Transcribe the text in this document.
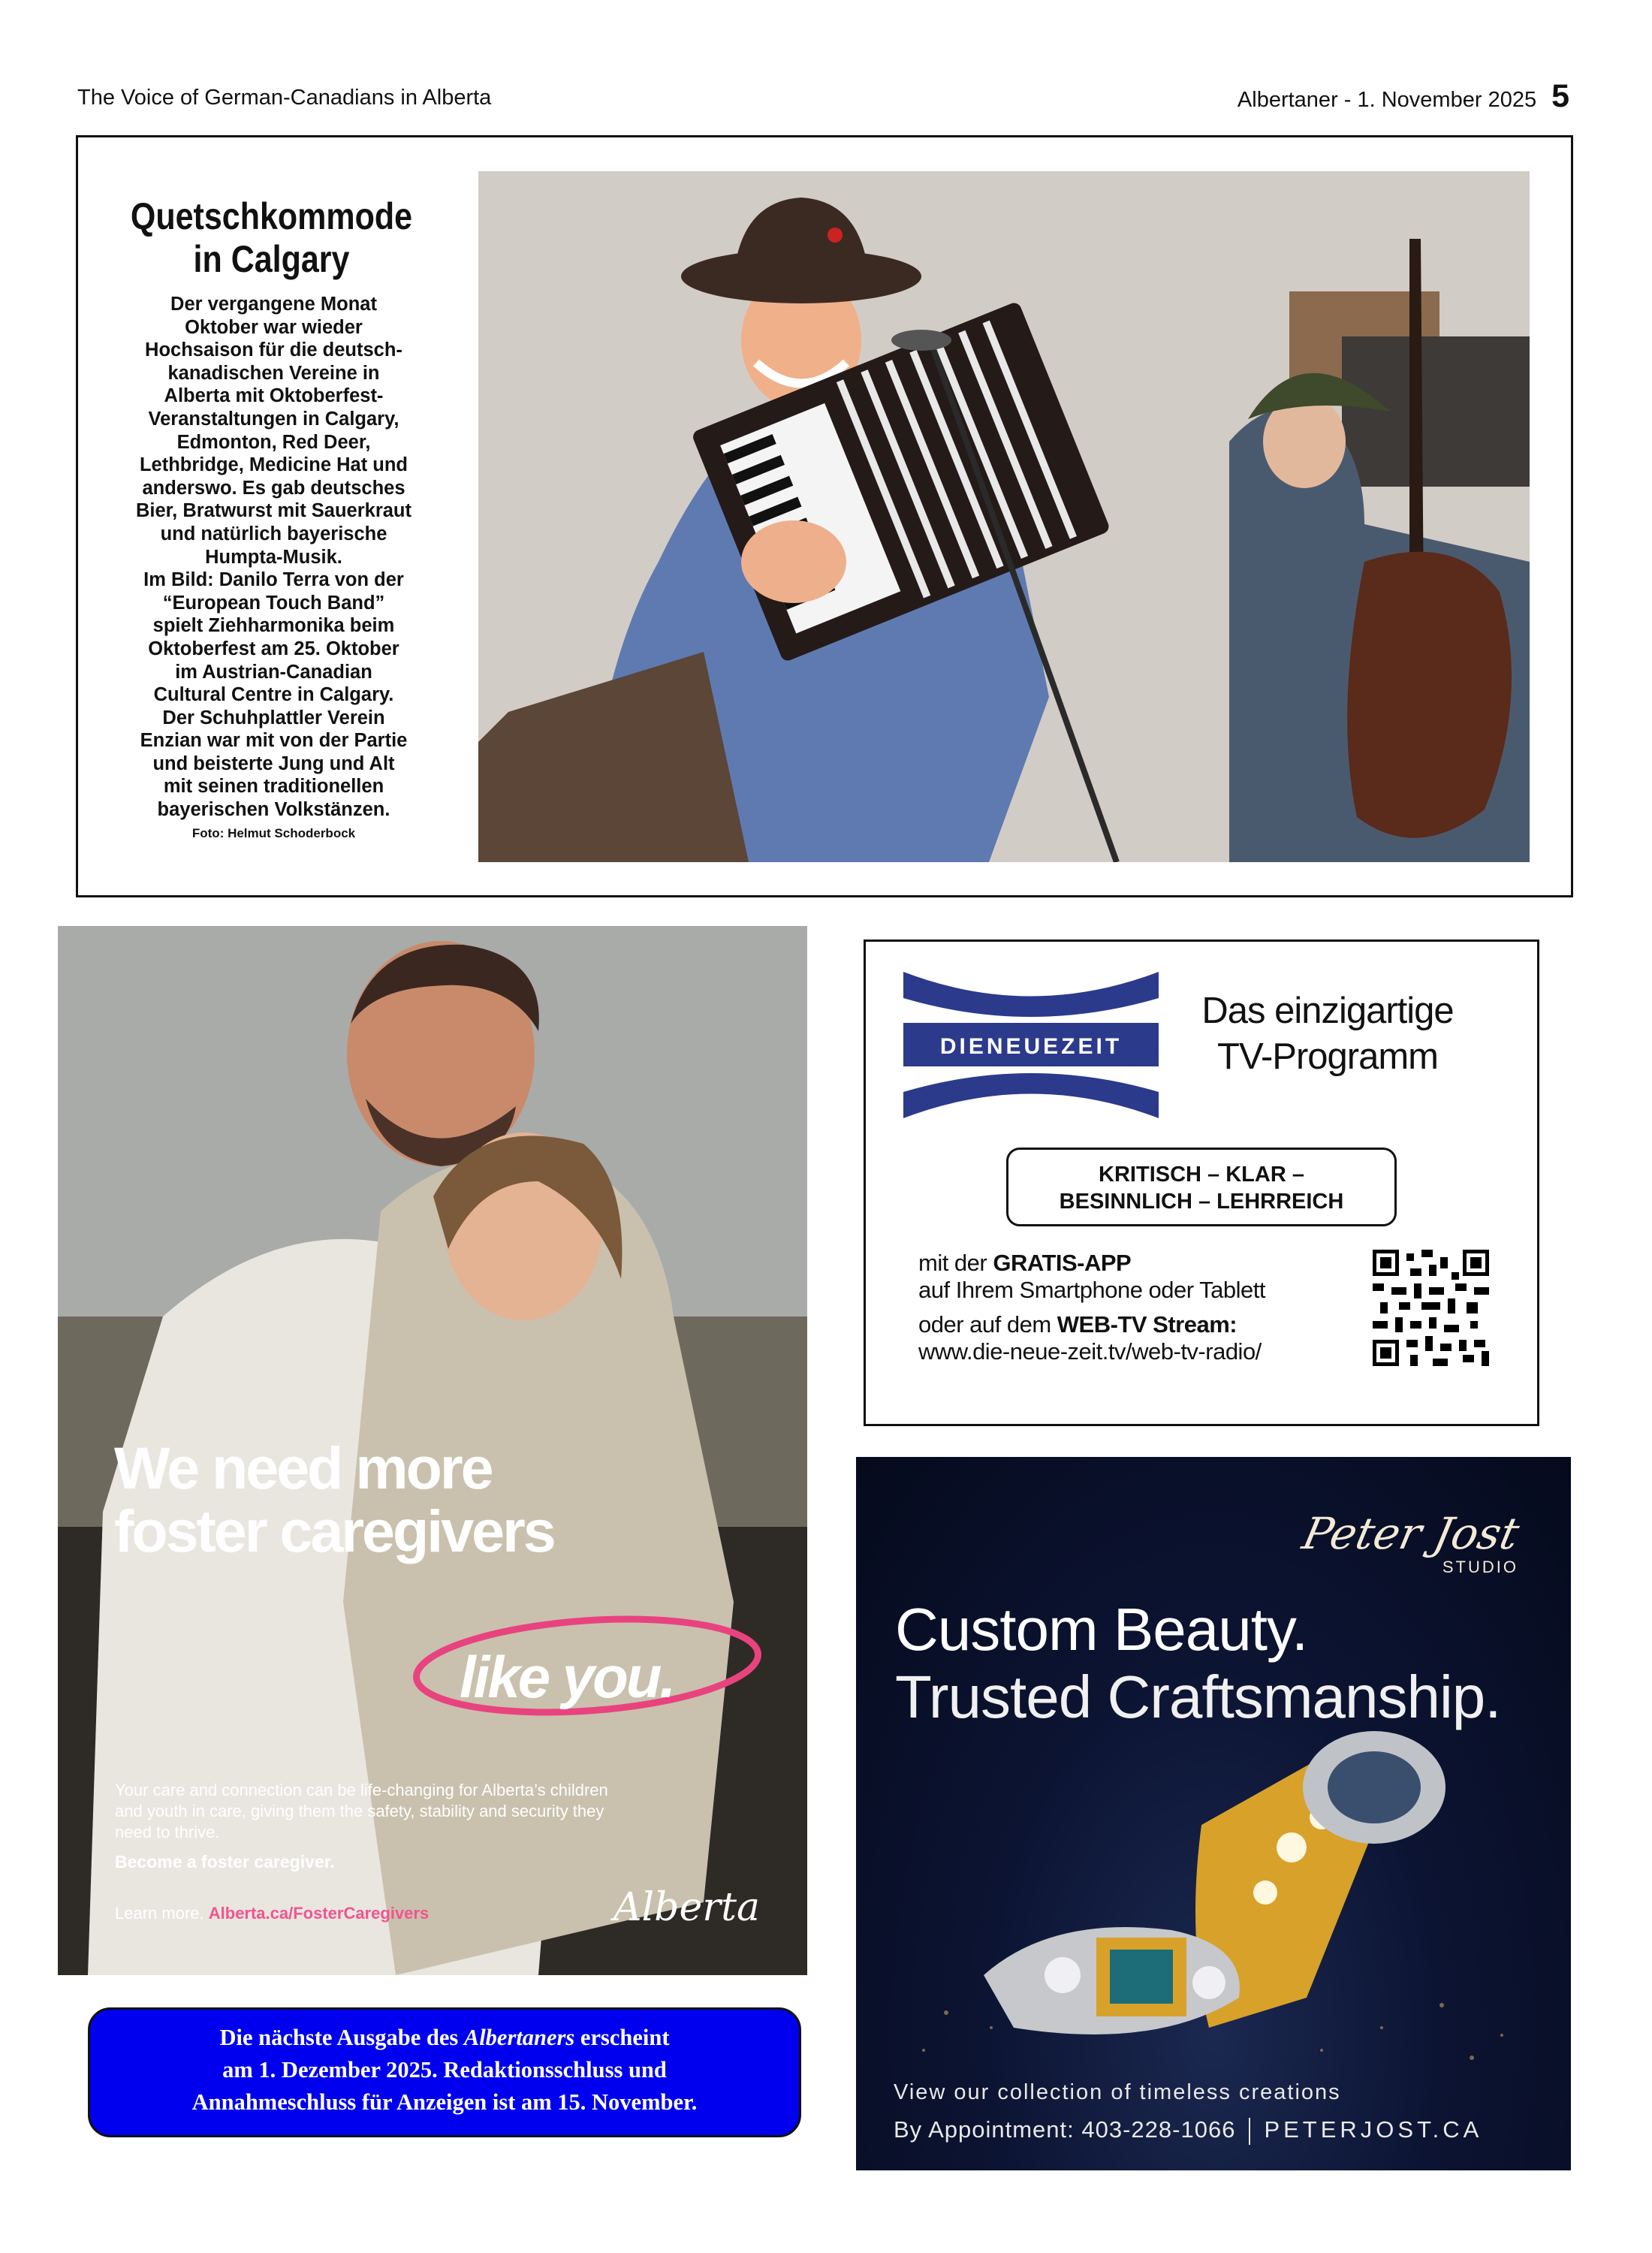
The Voice of German-Canadians in Alberta	Albertaner - 1. November 2025 5
Quetschkommode
in Calgary
Der vergangene Monat
Oktober war wieder
Hochsaison für die deutsch-
kanadischen Vereine in
Alberta mit Oktoberfest-
Veranstaltungen in Calgary,
Edmonton, Red Deer,
Lethbridge, Medicine Hat und
anderswo. Es gab deutsches
Bier, Bratwurst mit Sauerkraut
und natürlich bayerische
Humpta-Musik.
Im Bild: Danilo Terra von der
“European Touch Band”
spielt Ziehharmonika beim
Oktoberfest am 25. Oktober
im Austrian-Canadian
Cultural Centre in Calgary.
Der Schuhplattler Verein
Enzian war mit von der Partie
und beisterte Jung und Alt
mit seinen traditionellen
bayerischen Volkstänzen.
Foto: Helmut Schoderbock
We need more
foster caregivers
like you.
Your care and connection can be life-changing for Alberta’s children and youth in care, giving them the safety, stability and security they need to thrive.
Become a foster caregiver.
Learn more. Alberta.ca/FosterCaregivers	Alberta
Die nächste Ausgabe des Albertaners erscheint
am 1. Dezember 2025. Redaktionsschluss und
Annahmeschluss für Anzeigen ist am 15. November.
DIENEUEZEIT
Das einzigartige
TV-Programm
KRITISCH – KLAR –
BESINNLICH – LEHRREICH
mit der GRATIS-APP
auf Ihrem Smartphone oder Tablett
oder auf dem WEB-TV Stream:
www.die-neue-zeit.tv/web-tv-radio/
Peter Jost
STUDIO
Custom Beauty.
Trusted Craftsmanship.
View our collection of timeless creations
By Appointment: 403-228-1066 PETERJOST.CA
